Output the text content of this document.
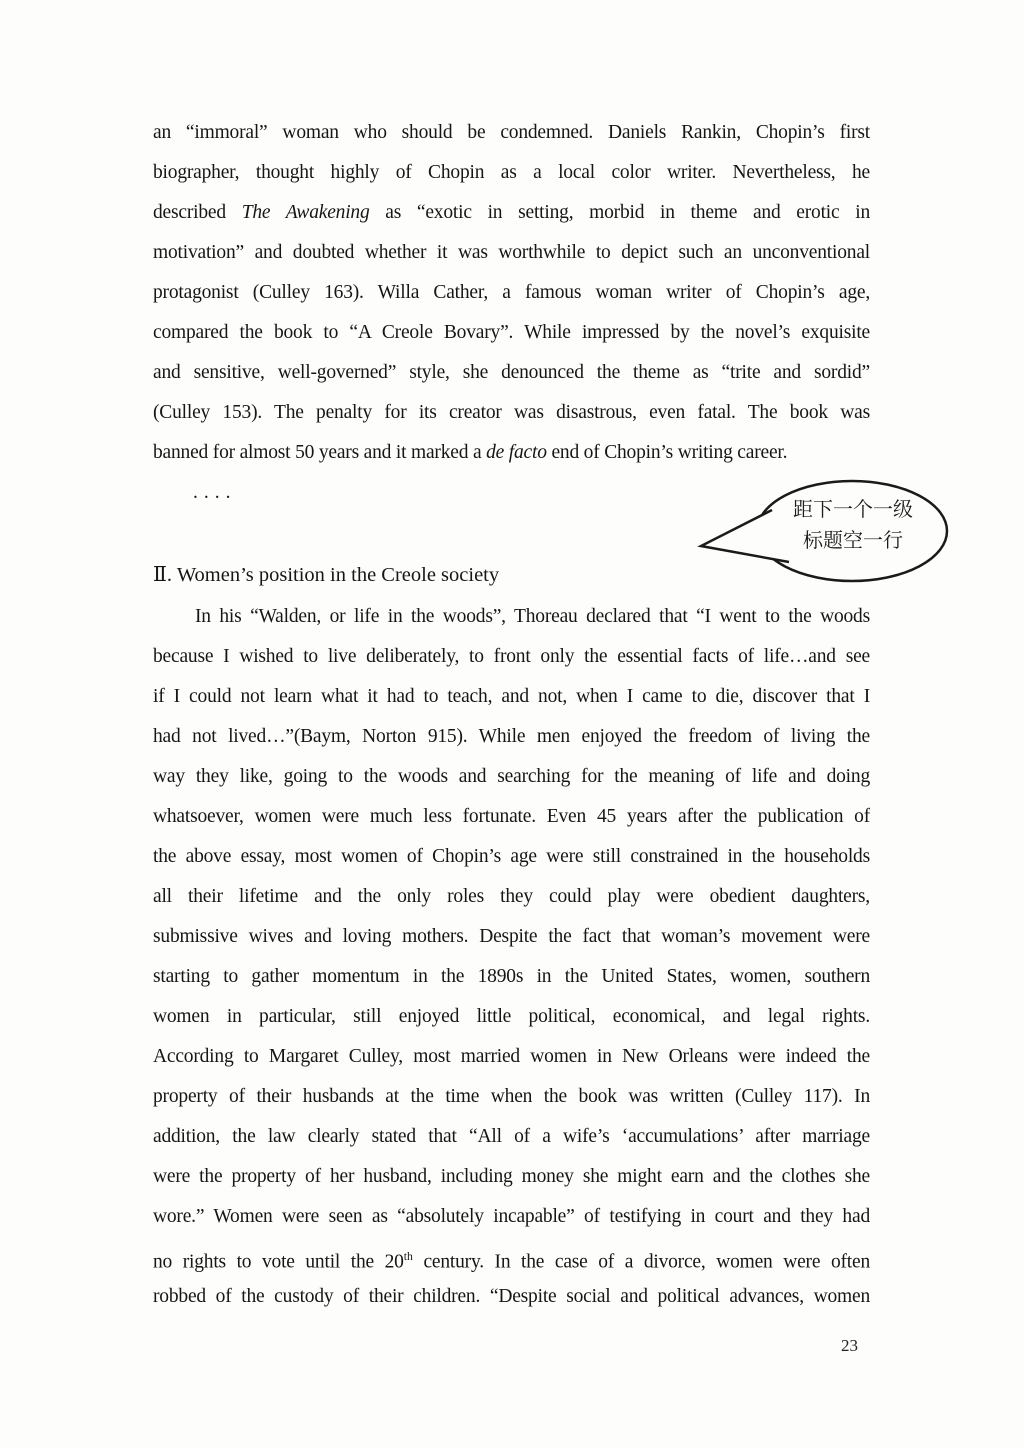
an “immoral” woman who should be condemned. Daniels Rankin, Chopin’s first
biographer, thought highly of Chopin as a local color writer. Nevertheless, he
described The Awakening as “exotic in setting, morbid in theme and erotic in
motivation” and doubted whether it was worthwhile to depict such an unconventional
protagonist (Culley 163). Willa Cather, a famous woman writer of Chopin’s age,
compared the book to “A Creole Bovary”. While impressed by the novel’s exquisite
and sensitive, well-governed” style, she denounced the theme as “trite and sordid”
(Culley 153). The penalty for its creator was disastrous, even fatal. The book was
banned for almost 50 years and it marked a de facto end of Chopin’s writing career.
....
Ⅱ. Women’s position in the Creole society
In his “Walden, or life in the woods”, Thoreau declared that “I went to the woods
because I wished to live deliberately, to front only the essential facts of life…and see
if I could not learn what it had to teach, and not, when I came to die, discover that I
had not lived…”(Baym, Norton 915). While men enjoyed the freedom of living the
way they like, going to the woods and searching for the meaning of life and doing
whatsoever, women were much less fortunate. Even 45 years after the publication of
the above essay, most women of Chopin’s age were still constrained in the households
all their lifetime and the only roles they could play were obedient daughters,
submissive wives and loving mothers. Despite the fact that woman’s movement were
starting to gather momentum in the 1890s in the United States, women, southern
women in particular, still enjoyed little political, economical, and legal rights.
According to Margaret Culley, most married women in New Orleans were indeed the
property of their husbands at the time when the book was written (Culley 117). In
addition, the law clearly stated that “All of a wife’s ‘accumulations’ after marriage
were the property of her husband, including money she might earn and the clothes she
wore.” Women were seen as “absolutely incapable” of testifying in court and they had
no rights to vote until the 20th century. In the case of a divorce, women were often
robbed of the custody of their children. “Despite social and political advances, women
距下一个一级
标题空一行
23
